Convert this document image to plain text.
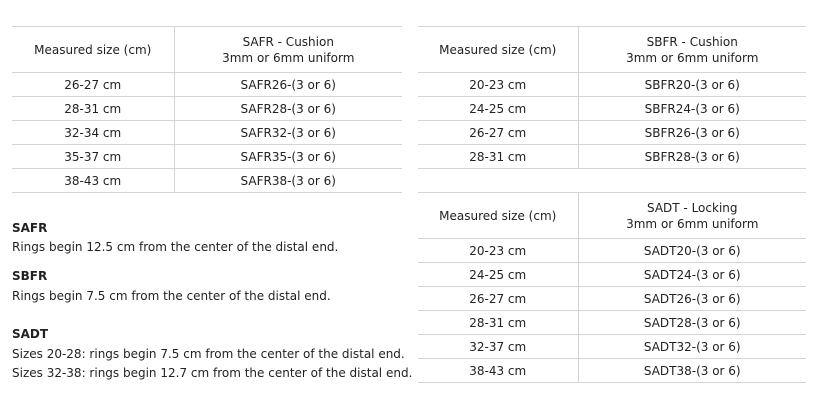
Measured size (cm)	SAFR - Cushion
3mm or 6mm uniform

26-27 cm	SAFR26-(3 or 6)
28-31 cm	SAFR28-(3 or 6)
32-34 cm	SAFR32-(3 or 6)
35-37 cm	SAFR35-(3 or 6)
38-43 cm	SAFR38-(3 or 6)
Measured size (cm)	SBFR - Cushion
3mm or 6mm uniform

20-23 cm	SBFR20-(3 or 6)
24-25 cm	SBFR24-(3 or 6)
26-27 cm	SBFR26-(3 or 6)
28-31 cm	SBFR28-(3 or 6)
Measured size (cm)	SADT - Locking
3mm or 6mm uniform

20-23 cm	SADT20-(3 or 6)
24-25 cm	SADT24-(3 or 6)
26-27 cm	SADT26-(3 or 6)
28-31 cm	SADT28-(3 or 6)
32-37 cm	SADT32-(3 or 6)
38-43 cm	SADT38-(3 or 6)
SAFR
Rings begin 12.5 cm from the center of the distal end.
SBFR
Rings begin 7.5 cm from the center of the distal end.
SADT
Sizes 20-28: rings begin 7.5 cm from the center of the distal end.
Sizes 32-38: rings begin 12.7 cm from the center of the distal end.
